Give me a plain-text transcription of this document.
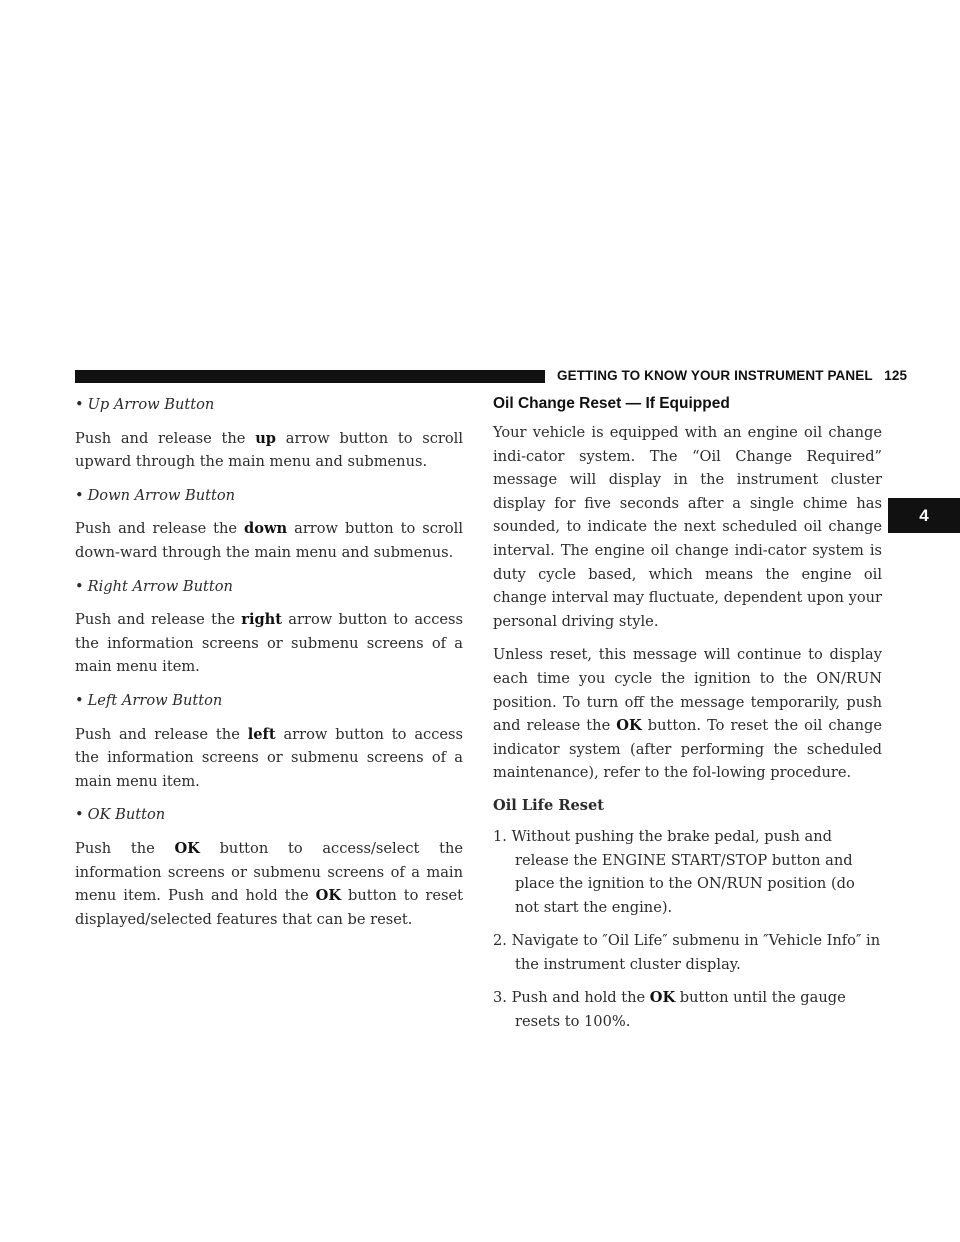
GETTING TO KNOW YOUR INSTRUMENT PANEL 125
4
• Up Arrow Button

Push and release the up arrow button to scroll upward through the main menu and submenus.

• Down Arrow Button

Push and release the down arrow button to scroll down-ward through the main menu and submenus.

• Right Arrow Button

Push and release the right arrow button to access the information screens or submenu screens of a main menu item.

• Left Arrow Button

Push and release the left arrow button to access the information screens or submenu screens of a main menu item.

• OK Button

Push the OK button to access/select the information screens or submenu screens of a main menu item. Push and hold the OK button to reset displayed/selected features that can be reset.

Oil Change Reset — If Equipped

Your vehicle is equipped with an engine oil change indi-cator system. The “Oil Change Required” message will display in the instrument cluster display for five seconds after a single chime has sounded, to indicate the next scheduled oil change interval. The engine oil change indi-cator system is duty cycle based, which means the engine oil change interval may fluctuate, dependent upon your personal driving style.

Unless reset, this message will continue to display each time you cycle the ignition to the ON/RUN position. To turn off the message temporarily, push and release the OK button. To reset the oil change indicator system (after performing the scheduled maintenance), refer to the fol-lowing procedure.

Oil Life Reset
1. Without pushing the brake pedal, push and release the ENGINE START/STOP button and place the ignition to the ON/RUN position (do not start the engine).
2. Navigate to ″Oil Life″ submenu in ″Vehicle Info″ in the instrument cluster display.
3. Push and hold the OK button until the gauge resets to 100%.
